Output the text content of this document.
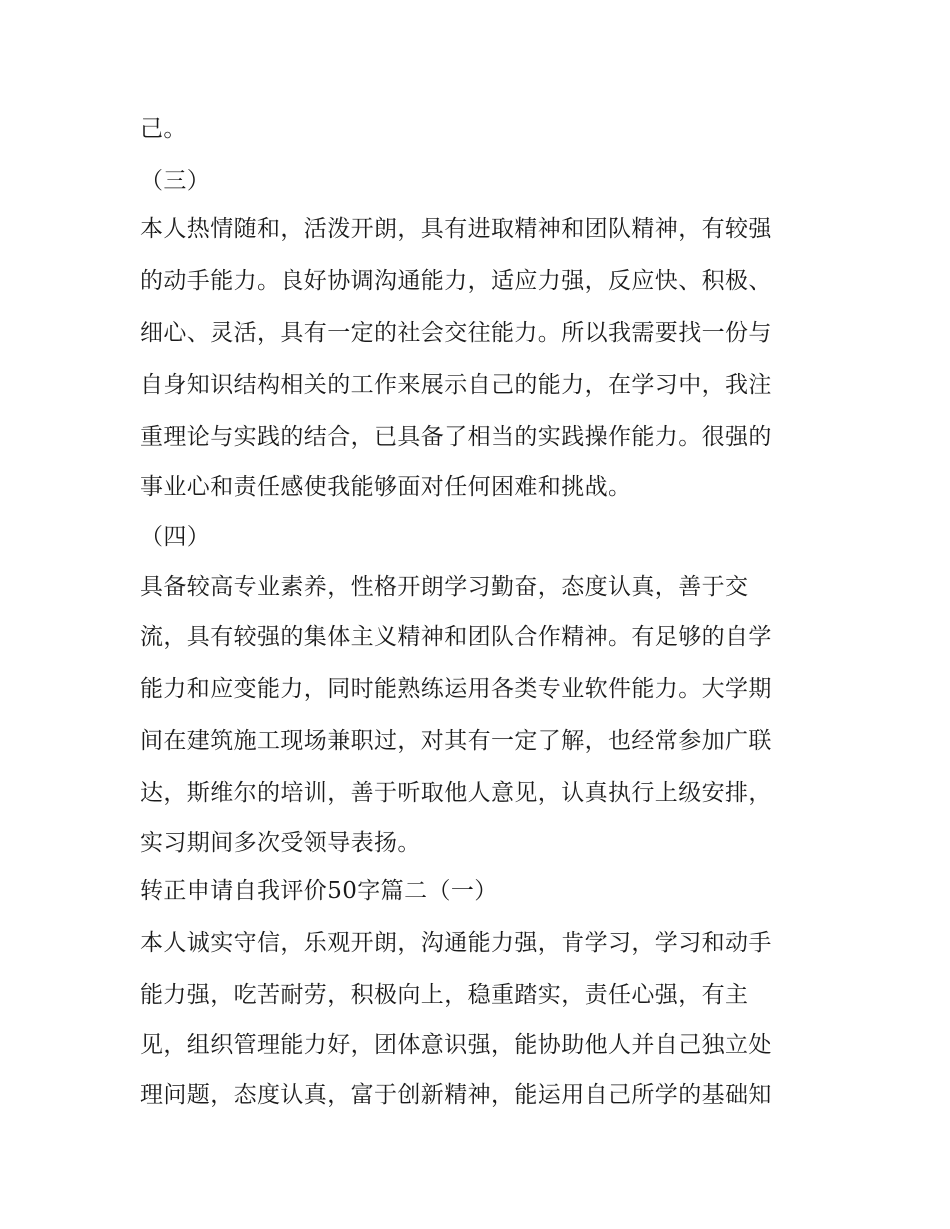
己。
（三）
本人热情随和，活泼开朗，具有进取精神和团队精神，有较强
的动手能力。良好协调沟通能力，适应力强，反应快、积极、
细心、灵活，具有一定的社会交往能力。所以我需要找一份与
自身知识结构相关的工作来展示自己的能力，在学习中，我注
重理论与实践的结合，已具备了相当的实践操作能力。很强的
事业心和责任感使我能够面对任何困难和挑战。
（四）
具备较高专业素养，性格开朗学习勤奋，态度认真，善于交
流，具有较强的集体主义精神和团队合作精神。有足够的自学
能力和应变能力，同时能熟练运用各类专业软件能力。大学期
间在建筑施工现场兼职过，对其有一定了解，也经常参加广联
达，斯维尔的培训，善于听取他人意见，认真执行上级安排，
实习期间多次受领导表扬。
转正申请自我评价50字篇二（一）
本人诚实守信，乐观开朗，沟通能力强，肯学习，学习和动手
能力强，吃苦耐劳，积极向上，稳重踏实，责任心强，有主
见，组织管理能力好，团体意识强，能协助他人并自己独立处
理问题，态度认真，富于创新精神，能运用自己所学的基础知
